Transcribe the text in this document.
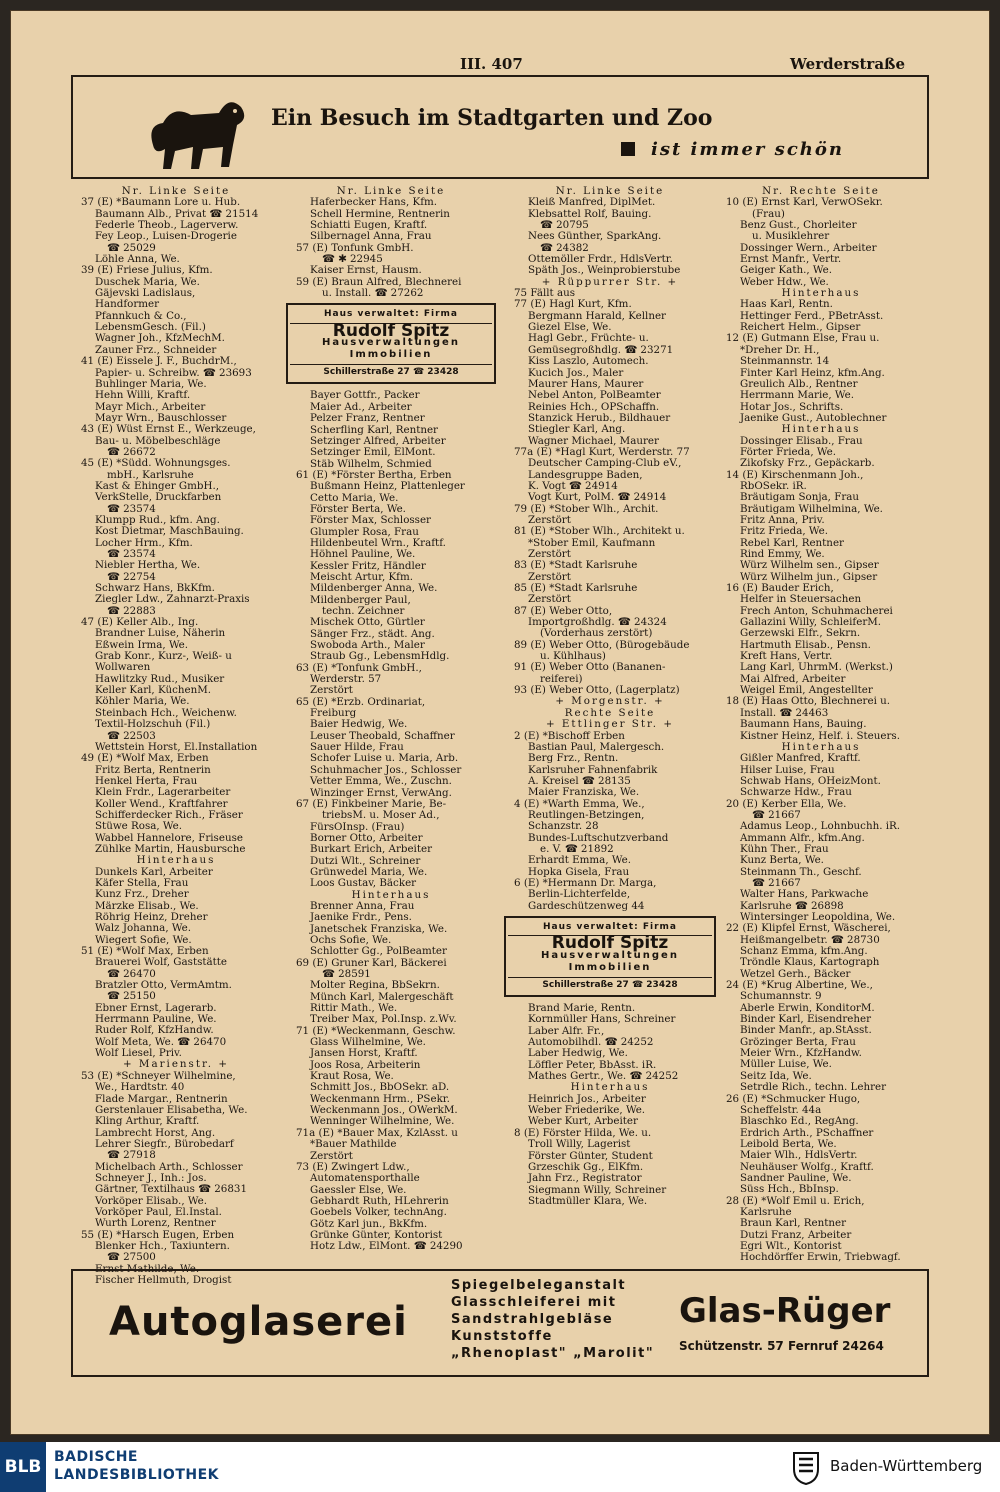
III. 407	Werderstraße
Ein Besuch im Stadtgarten und Zoo
ist immer schön
Nr. Linke Seite
37 (E) *Baumann Lore u. Hub.
Baumann Alb., Privat ☎ 21514
Federle Theob., Lagerverw.
Fey Leop., Luisen-Drogerie
☎ 25029
Löhle Anna, We.
39 (E) Friese Julius, Kfm.
Duschek Maria, We.
Gäjevski Ladislaus,
Handformer
Pfannkuch & Co.,
LebensmGesch. (Fil.)
Wagner Joh., KfzMechM.
Zauner Frz., Schneider
41 (E) Eissele J. F., BuchdrM.,
Papier- u. Schreibw. ☎ 23693
Buhlinger Maria, We.
Hehn Willi, Kraftf.
Mayr Mich., Arbeiter
Mayr Wrn., Bauschlosser
43 (E) Wüst Ernst E., Werkzeuge,
Bau- u. Möbelbeschläge
☎ 26672
45 (E) *Südd. Wohnungsges.
mbH., Karlsruhe
Kast & Ehinger GmbH.,
VerkStelle, Druckfarben
☎ 23574
Klumpp Rud., kfm. Ang.
Kost Dietmar, MaschBauing.
Locher Hrm., Kfm.
☎ 23574
Niebler Hertha, We.
☎ 22754
Schwarz Hans, BkKfm.
Ziegler Ldw., Zahnarzt-Praxis
☎ 22883
47 (E) Keller Alb., Ing.
Brandner Luise, Näherin
Eßwein Irma, We.
Grab Konr., Kurz-, Weiß- u
Wollwaren
Hawlitzky Rud., Musiker
Keller Karl, KüchenM.
Köhler Maria, We.
Steinbach Hch., Weichenw.
Textil-Holzschuh (Fil.)
☎ 22503
Wettstein Horst, El.Installation
49 (E) *Wolf Max, Erben
Fritz Berta, Rentnerin
Henkel Herta, Frau
Klein Frdr., Lagerarbeiter
Koller Wend., Kraftfahrer
Schifferdecker Rich., Fräser
Stüwe Rosa, We.
Wabbel Hannelore, Friseuse
Zühlke Martin, Hausbursche
Hinterhaus
Dunkels Karl, Arbeiter
Käfer Stella, Frau
Kunz Frz., Dreher
Märzke Elisab., We.
Röhrig Heinz, Dreher
Walz Johanna, We.
Wiegert Sofie, We.
51 (E) *Wolf Max, Erben
Brauerei Wolf, Gaststätte
☎ 26470
Bratzler Otto, VermAmtm.
☎ 25150
Ebner Ernst, Lagerarb.
Herrmann Pauline, We.
Ruder Rolf, KfzHandw.
Wolf Meta, We. ☎ 26470
Wolf Liesel, Priv.
+ Marienstr. +
53 (E) *Schneyer Wilhelmine,
We., Hardtstr. 40
Flade Margar., Rentnerin
Gerstenlauer Elisabetha, We.
Kling Arthur, Kraftf.
Lambrecht Horst, Ang.
Lehrer Siegfr., Bürobedarf
☎ 27918
Michelbach Arth., Schlosser
Schneyer J., Inh.: Jos.
Gärtner, Textilhaus ☎ 26831
Vorköper Elisab., We.
Vorköper Paul, El.Instal.
Wurth Lorenz, Rentner
55 (E) *Harsch Eugen, Erben
Blenker Hch., Taxiuntern.
☎ 27500
Ernst Mathilde, We.
Fischer Hellmuth, Drogist
Nr. Linke Seite
Haferbecker Hans, Kfm.
Schell Hermine, Rentnerin
Schiatti Eugen, Kraftf.
Silbernagel Anna, Frau
57 (E) Tonfunk GmbH.
☎ ✱ 22945
Kaiser Ernst, Hausm.
59 (E) Braun Alfred, Blechnerei
u. Install. ☎ 27262
Haus verwaltet: Firma
Rudolf Spitz
Hausverwaltungen
Immobilien
Schillerstraße 27 ☎ 23428
Bayer Gottfr., Packer
Maier Ad., Arbeiter
Pelzer Franz, Rentner
Scherfling Karl, Rentner
Setzinger Alfred, Arbeiter
Setzinger Emil, ElMont.
Stäb Wilhelm, Schmied
61 (E) *Förster Bertha, Erben
Bußmann Heinz, Plattenleger
Cetto Maria, We.
Förster Berta, We.
Förster Max, Schlosser
Glumpler Rosa, Frau
Hildenbeutel Wrn., Kraftf.
Höhnel Pauline, We.
Kessler Fritz, Händler
Meischt Artur, Kfm.
Mildenberger Anna, We.
Mildenberger Paul,
techn. Zeichner
Mischek Otto, Gürtler
Sänger Frz., städt. Ang.
Swoboda Arth., Maler
Straub Gg., LebensmHdlg.
63 (E) *Tonfunk GmbH.,
Werderstr. 57
Zerstört
65 (E) *Erzb. Ordinariat,
Freiburg
Baier Hedwig, We.
Leuser Theobald, Schaffner
Sauer Hilde, Frau
Schofer Luise u. Maria, Arb.
Schuhmacher Jos., Schlosser
Vetter Emma, We., Zuschn.
Winzinger Ernst, VerwAng.
67 (E) Finkbeiner Marie, Be-
triebsM. u. Moser Ad.,
FürsOInsp. (Frau)
Borner Otto, Arbeiter
Burkart Erich, Arbeiter
Dutzi Wlt., Schreiner
Grünwedel Maria, We.
Loos Gustav, Bäcker
Hinterhaus
Brenner Anna, Frau
Jaenike Frdr., Pens.
Janetschek Franziska, We.
Ochs Sofie, We.
Schlotter Gg., PolBeamter
69 (E) Gruner Karl, Bäckerei
☎ 28591
Molter Regina, BbSekrn.
Münch Karl, Malergeschäft
Rittir Math., We.
Treiber Max, Pol.Insp. z.Wv.
71 (E) *Weckenmann, Geschw.
Glass Wilhelmine, We.
Jansen Horst, Kraftf.
Joos Rosa, Arbeiterin
Kraut Rosa, We.
Schmitt Jos., BbOSekr. aD.
Weckenmann Hrm., PSekr.
Weckenmann Jos., OWerkM.
Wenninger Wilhelmine, We.
71a (E) *Bauer Max, KzlAsst. u
*Bauer Mathilde
Zerstört
73 (E) Zwingert Ldw.,
Automatensporthalle
Gaessler Else, We.
Gebhardt Ruth, HLehrerin
Goebels Volker, technAng.
Götz Karl jun., BkKfm.
Grünke Günter, Kontorist
Hotz Ldw., ElMont. ☎ 24290
Nr. Linke Seite
Kleiß Manfred, DiplMet.
Klebsattel Rolf, Bauing.
☎ 20795
Nees Günther, SparkAng.
☎ 24382
Ottemöller Frdr., HdlsVertr.
Späth Jos., Weinprobierstube
+ Rüppurrer Str. +
75 Fällt aus
77 (E) Hagl Kurt, Kfm.
Bergmann Harald, Kellner
Giezel Else, We.
Hagl Gebr., Früchte- u.
Gemüsegroßhdlg. ☎ 23271
Kiss Laszlo, Automech.
Kucich Jos., Maler
Maurer Hans, Maurer
Nebel Anton, PolBeamter
Reinies Hch., OPSchaffn.
Stanzick Herub., Bildhauer
Stiegler Karl, Ang.
Wagner Michael, Maurer
77a (E) *Hagl Kurt, Werderstr. 77
Deutscher Camping-Club eV.,
Landesgruppe Baden,
K. Vogt ☎ 24914
Vogt Kurt, PolM. ☎ 24914
79 (E) *Stober Wlh., Archit.
Zerstört
81 (E) *Stober Wlh., Architekt u.
*Stober Emil, Kaufmann
Zerstört
83 (E) *Stadt Karlsruhe
Zerstört
85 (E) *Stadt Karlsruhe
Zerstört
87 (E) Weber Otto,
Importgroßhdlg. ☎ 24324
(Vorderhaus zerstört)
89 (E) Weber Otto, (Bürogebäude
u. Kühlhaus)
91 (E) Weber Otto (Bananen-
reiferei)
93 (E) Weber Otto, (Lagerplatz)
+ Morgenstr. +
Rechte Seite
+ Ettlinger Str. +
2 (E) *Bischoff Erben
Bastian Paul, Malergesch.
Berg Frz., Rentn.
Karlsruher Fahnenfabrik
A. Kreisel ☎ 28135
Maier Franziska, We.
4 (E) *Warth Emma, We.,
Reutlingen-Betzingen,
Schanzstr. 28
Bundes-Luftschutzverband
e. V. ☎ 21892
Erhardt Emma, We.
Hopka Gisela, Frau
6 (E) *Hermann Dr. Marga,
Berlin-Lichterfelde,
Gardeschützenweg 44
Haus verwaltet: Firma
Rudolf Spitz
Hausverwaltungen
Immobilien
Schillerstraße 27 ☎ 23428
Brand Marie, Rentn.
Kornmüller Hans, Schreiner
Laber Alfr. Fr.,
Automobilhdl. ☎ 24252
Laber Hedwig, We.
Löffler Peter, BbAsst. iR.
Mathes Gertr., We. ☎ 24252
Hinterhaus
Heinrich Jos., Arbeiter
Weber Friederike, We.
Weber Kurt, Arbeiter
8 (E) Förster Hilda, We. u.
Troll Willy, Lagerist
Förster Günter, Student
Grzeschik Gg., ElKfm.
Jahn Frz., Registrator
Siegmann Willy, Schreiner
Stadtmüller Klara, We.
Nr. Rechte Seite
10 (E) Ernst Karl, VerwOSekr.
(Frau)
Benz Gust., Chorleiter
u. Musiklehrer
Dossinger Wern., Arbeiter
Ernst Manfr., Vertr.
Geiger Kath., We.
Weber Hdw., We.
Hinterhaus
Haas Karl, Rentn.
Hettinger Ferd., PBetrAsst.
Reichert Helm., Gipser
12 (E) Gutmann Else, Frau u.
*Dreher Dr. H.,
Steinmannstr. 14
Finter Karl Heinz, kfm.Ang.
Greulich Alb., Rentner
Herrmann Marie, We.
Hotar Jos., Schrifts.
Jaenike Gust., Autoblechner
Hinterhaus
Dossinger Elisab., Frau
Förter Frieda, We.
Zikofsky Frz., Gepäckarb.
14 (E) Kirschenmann Joh.,
RbOSekr. iR.
Bräutigam Sonja, Frau
Bräutigam Wilhelmina, We.
Fritz Anna, Priv.
Fritz Frieda, We.
Rebel Karl, Rentner
Rind Emmy, We.
Würz Wilhelm sen., Gipser
Würz Wilhelm jun., Gipser
16 (E) Bauder Erich,
Helfer in Steuersachen
Frech Anton, Schuhmacherei
Gallazini Willy, SchleiferM.
Gerzewski Elfr., Sekrn.
Hartmuth Elisab., Pensn.
Kreft Hans, Vertr.
Lang Karl, UhrmM. (Werkst.)
Mai Alfred, Arbeiter
Weigel Emil, Angestellter
18 (E) Haas Otto, Blechnerei u.
Install. ☎ 24463
Baumann Hans, Bauing.
Kistner Heinz, Helf. i. Steuers.
Hinterhaus
Gißler Manfred, Kraftf.
Hilser Luise, Frau
Schwab Hans, OHeizMont.
Schwarze Hdw., Frau
20 (E) Kerber Ella, We.
☎ 21667
Adamus Leop., Lohnbuchh. iR.
Ammann Alfr., kfm.Ang.
Kühn Ther., Frau
Kunz Berta, We.
Steinmann Th., Geschf.
☎ 21667
Walter Hans, Parkwache
Karlsruhe ☎ 26898
Wintersinger Leopoldina, We.
22 (E) Klipfel Ernst, Wäscherei,
Heißmangelbetr. ☎ 28730
Schanz Emma, kfm.Ang.
Tröndle Klaus, Kartograph
Wetzel Gerh., Bäcker
24 (E) *Krug Albertine, We.,
Schumannstr. 9
Aberle Erwin, KonditorM.
Binder Karl, Eisendreher
Binder Manfr., ap.StAsst.
Grözinger Berta, Frau
Meier Wrn., KfzHandw.
Müller Luise, We.
Seitz Ida, We.
Setrdle Rich., techn. Lehrer
26 (E) *Schmucker Hugo,
Scheffelstr. 44a
Blaschko Ed., RegAng.
Erdrich Arth., PSchaffner
Leibold Berta, We.
Maier Wlh., HdlsVertr.
Neuhäuser Wolfg., Kraftf.
Sandner Pauline, We.
Süss Hch., BbInsp.
28 (E) *Wolf Emil u. Erich,
Karlsruhe
Braun Karl, Rentner
Dutzi Franz, Arbeiter
Egri Wlt., Kontorist
Hochdörffer Erwin, Triebwagf.
Autoglaserei
Spiegelbeleganstalt
Glasschleiferei mit
Sandstrahlgebläse
Kunststoffe
„Rhenoplast" „Marolit"
Glas-Rüger
Schützenstr. 57 Fernruf 24264
BLB BADISCHE
LANDESBIBLIOTHEK	Baden-Württemberg
